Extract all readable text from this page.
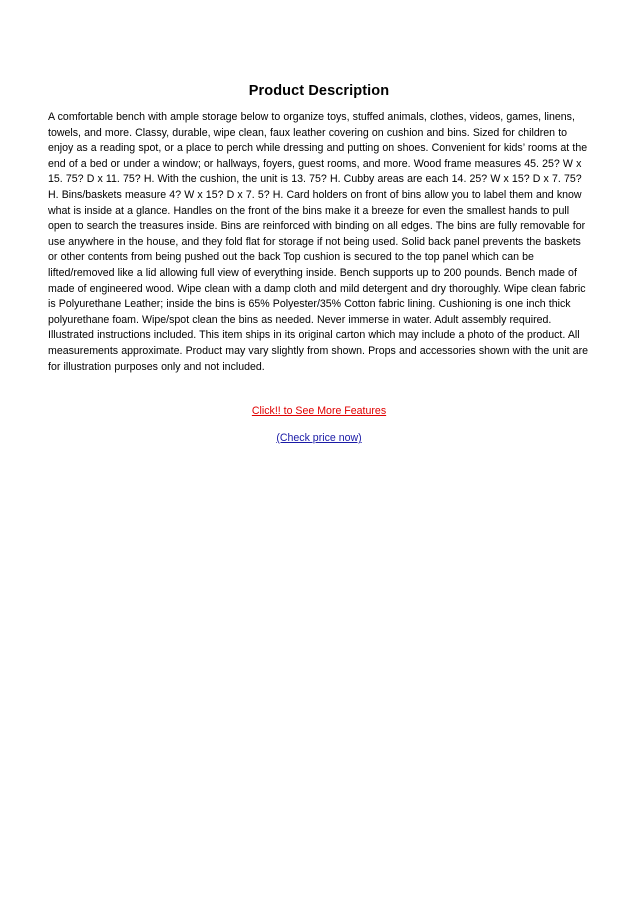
Product Description

A comfortable bench with ample storage below to organize toys, stuffed animals, clothes, videos, games, linens, towels, and more. Classy, durable, wipe clean, faux leather covering on cushion and bins. Sized for children to enjoy as a reading spot, or a place to perch while dressing and putting on shoes. Convenient for kids’ rooms at the end of a bed or under a window; or hallways, foyers, guest rooms, and more. Wood frame measures 45. 25? W x 15. 75? D x 11. 75? H. With the cushion, the unit is 13. 75? H. Cubby areas are each 14. 25? W x 15? D x 7. 75? H. Bins/baskets measure 4? W x 15? D x 7. 5? H. Card holders on front of bins allow you to label them and know what is inside at a glance. Handles on the front of the bins make it a breeze for even the smallest hands to pull open to search the treasures inside. Bins are reinforced with binding on all edges. The bins are fully removable for use anywhere in the house, and they fold flat for storage if not being used. Solid back panel prevents the baskets or other contents from being pushed out the back Top cushion is secured to the top panel which can be lifted/removed like a lid allowing full view of everything inside. Bench supports up to 200 pounds. Bench made of made of engineered wood. Wipe clean with a damp cloth and mild detergent and dry thoroughly. Wipe clean fabric is Polyurethane Leather; inside the bins is 65% Polyester/35% Cotton fabric lining. Cushioning is one inch thick polyurethane foam. Wipe/spot clean the bins as needed. Never immerse in water. Adult assembly required. Illustrated instructions included. This item ships in its original carton which may include a photo of the product. All measurements approximate. Product may vary slightly from shown. Props and accessories shown with the unit are for illustration purposes only and not included.

Click!! to See More Features
(Check price now)
